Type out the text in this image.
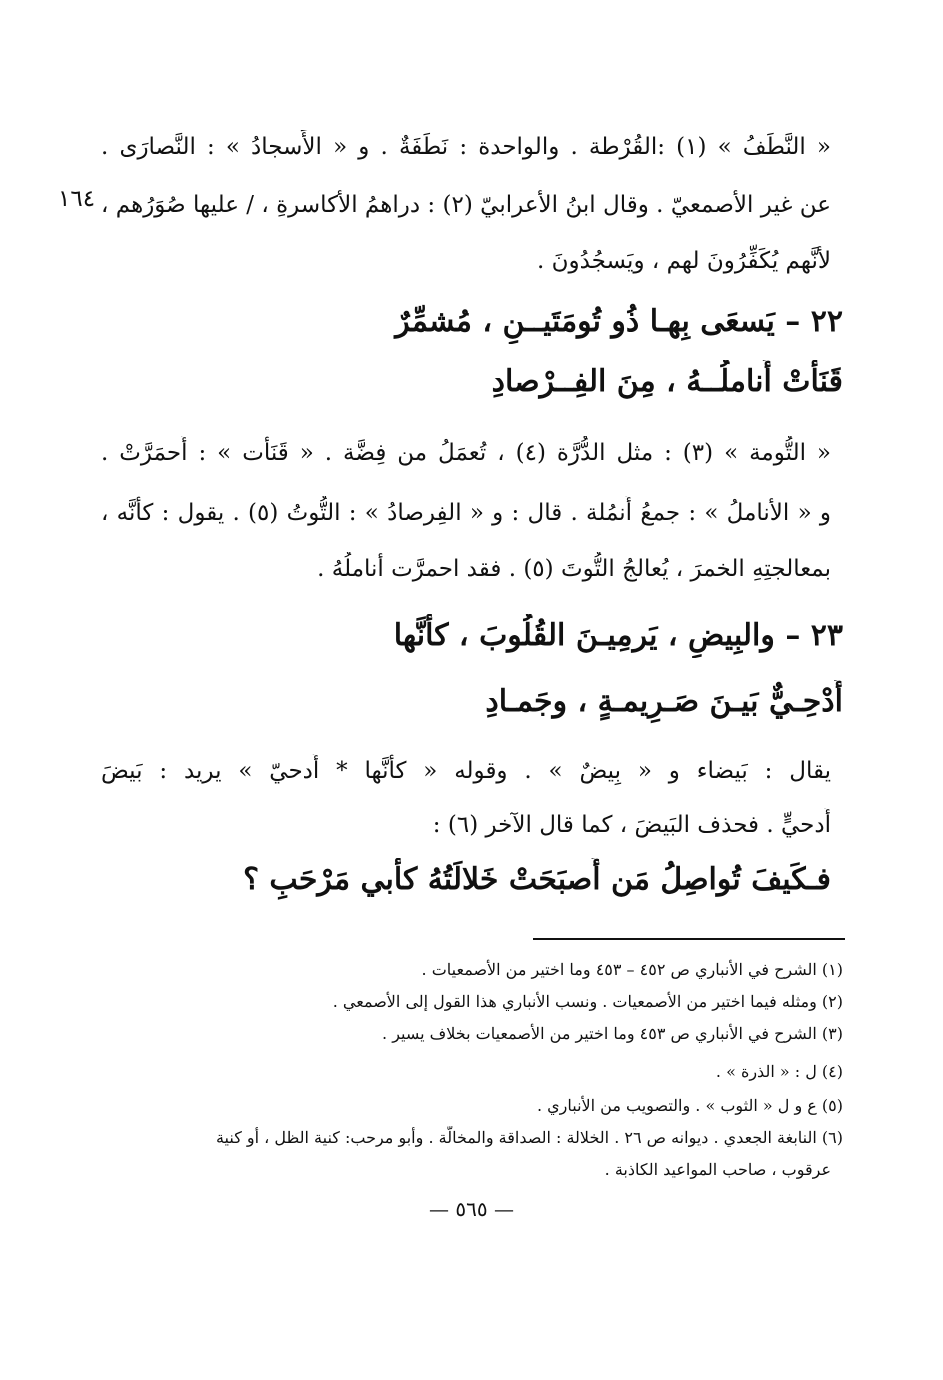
١٦٤
« النَّطَفُ » (١) :القُرْطة . والواحدة : نَطَفَةٌ . و « الأَسجادُ » : النَّصارَى .
عن غير الأصمعيّ . وقال ابنُ الأعرابيّ (٢) : دراهمُ الأكاسرةِ ، / عليها صُوَرُهم ،
لأنَّهم يُكَفِّرُونَ لهم ، ويَسجُدُونَ .
٢٢ – يَسعَى بِهـا ذُو تُومَتَيــنِ ، مُشمِّرٌ
قَنَأَتْ أَناملُــهُ ، مِنَ الفِــرْصادِ
« التُّومة » (٣) : مثل الدُّرَّة (٤) ، تُعمَلُ من فِضَّة . « قَنَأَت » : أَحمَرَّتْ .
و « الأناملُ » : جمعُ أَنمُلة . قال : و « الفِرصادُ » : التُّوتُ (٥) . يقول : كأنَّه ،
بمعالجتِهِ الخمرَ ، يُعالجُ التُّوتَ (٥) . فقد احمرَّت أناملُهُ .
٢٣ – والبِيضِ ، يَرمِيـنَ القُلُوبَ ، كأنَّها
أُدْحِـيٌّ بَيـنَ صَـرِيمـةٍ ، وجَمـادِ
يقال : بَيضاء و « بِيضٌ » . وقوله « كأنَّها * أُدحيّ » يريد : بَيضَ
أُدحيٍّ . فحذف البَيضَ ، كما قال الآخر (٦) :
فـكَيفَ تُواصِلُ مَن أَصبَحَتْ خَلالَتُهُ كأَبي مَرْحَبِ ؟
(١) الشرح في الأنباري ص ٤٥٢ – ٤٥٣ وما اختير من الأصمعيات .
(٢) ومثله فيما اختير من الأصمعيات . ونسب الأنباري هذا القول إلى الأصمعي .
(٣) الشرح في الأنباري ص ٤٥٣ وما اختير من الأصمعيات بخلاف يسير .
(٤) ل : « الذرة » .
(٥) ع و ل « الثوب » . والتصويب من الأنباري .
(٦) النابغة الجعدي . ديوانه ص ٢٦ . الخلالة : الصداقة والمخالّة . وأبو مرحب: كنية الظل ، أو كنية
عرقوب ، صاحب المواعيد الكاذبة .
— ٥٦٥ —
